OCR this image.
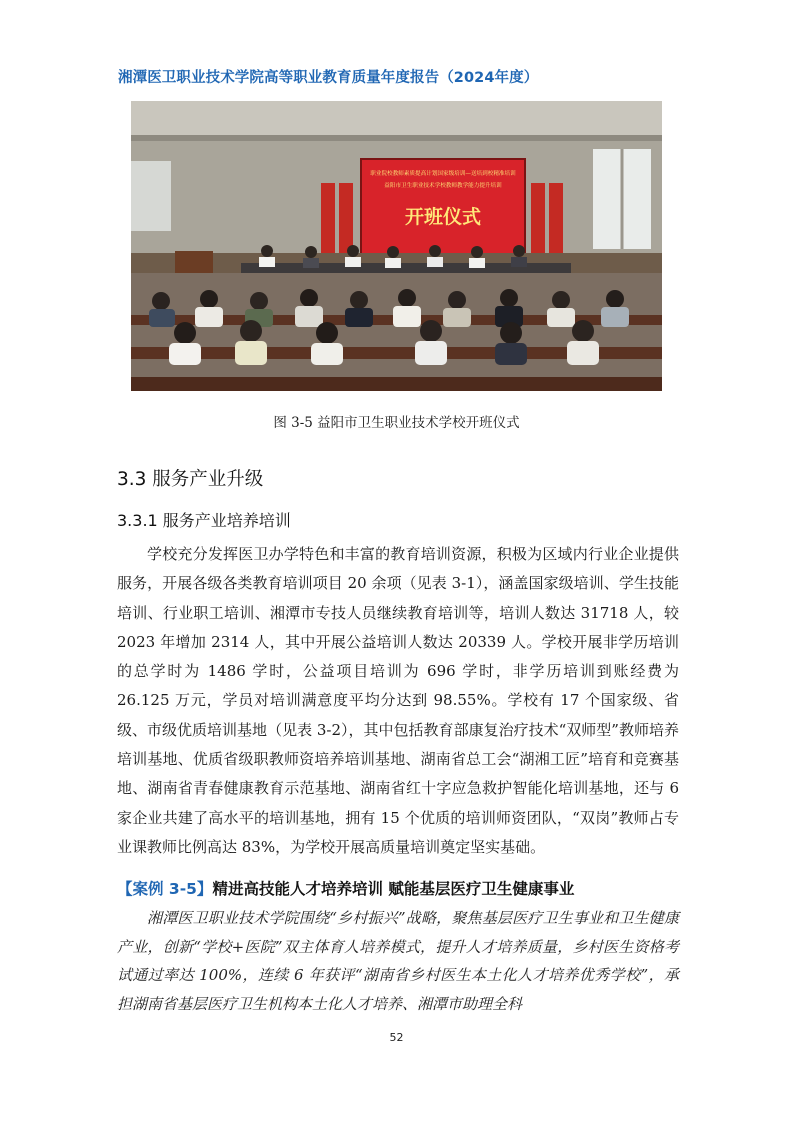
湘潭医卫职业技术学院高等职业教育质量年度报告（2024年度）
职业院校教师素质提高计划国家级培训—送培到校精准培训
益阳市卫生职业技术学校教师教学能力提升培训
开班仪式
图 3-5 益阳市卫生职业技术学校开班仪式
3.3 服务产业升级
3.3.1 服务产业培养培训

学校充分发挥医卫办学特色和丰富的教育培训资源，积极为区域内行业企业提供服务，开展各级各类教育培训项目 20 余项（见表 3-1），涵盖国家级培训、学生技能培训、行业职工培训、湘潭市专技人员继续教育培训等，培训人数达 31718 人，较 2023 年增加 2314 人，其中开展公益培训人数达 20339 人。学校开展非学历培训的总学时为 1486 学时，公益项目培训为 696 学时，非学历培训到账经费为 26.125 万元，学员对培训满意度平均分达到 98.55%。学校有 17 个国家级、省级、市级优质培训基地（见表 3-2），其中包括教育部康复治疗技术“双师型”教师培养培训基地、优质省级职教师资培养培训基地、湖南省总工会“湖湘工匠”培育和竞赛基地、湖南省青春健康教育示范基地、湖南省红十字应急救护智能化培训基地，还与 6 家企业共建了高水平的培训基地，拥有 15 个优质的培训师资团队，“双岗”教师占专业课教师比例高达 83%，为学校开展高质量培训奠定坚实基础。

【案例 3-5】精进高技能人才培养培训 赋能基层医疗卫生健康事业

湘潭医卫职业技术学院围绕“乡村振兴”战略，聚焦基层医疗卫生事业和卫生健康产业，创新“学校+医院”双主体育人培养模式，提升人才培养质量，乡村医生资格考试通过率达 100%，连续 6 年获评“湖南省乡村医生本土化人才培养优秀学校”，承担湖南省基层医疗卫生机构本土化人才培养、湘潭市助理全科

52
